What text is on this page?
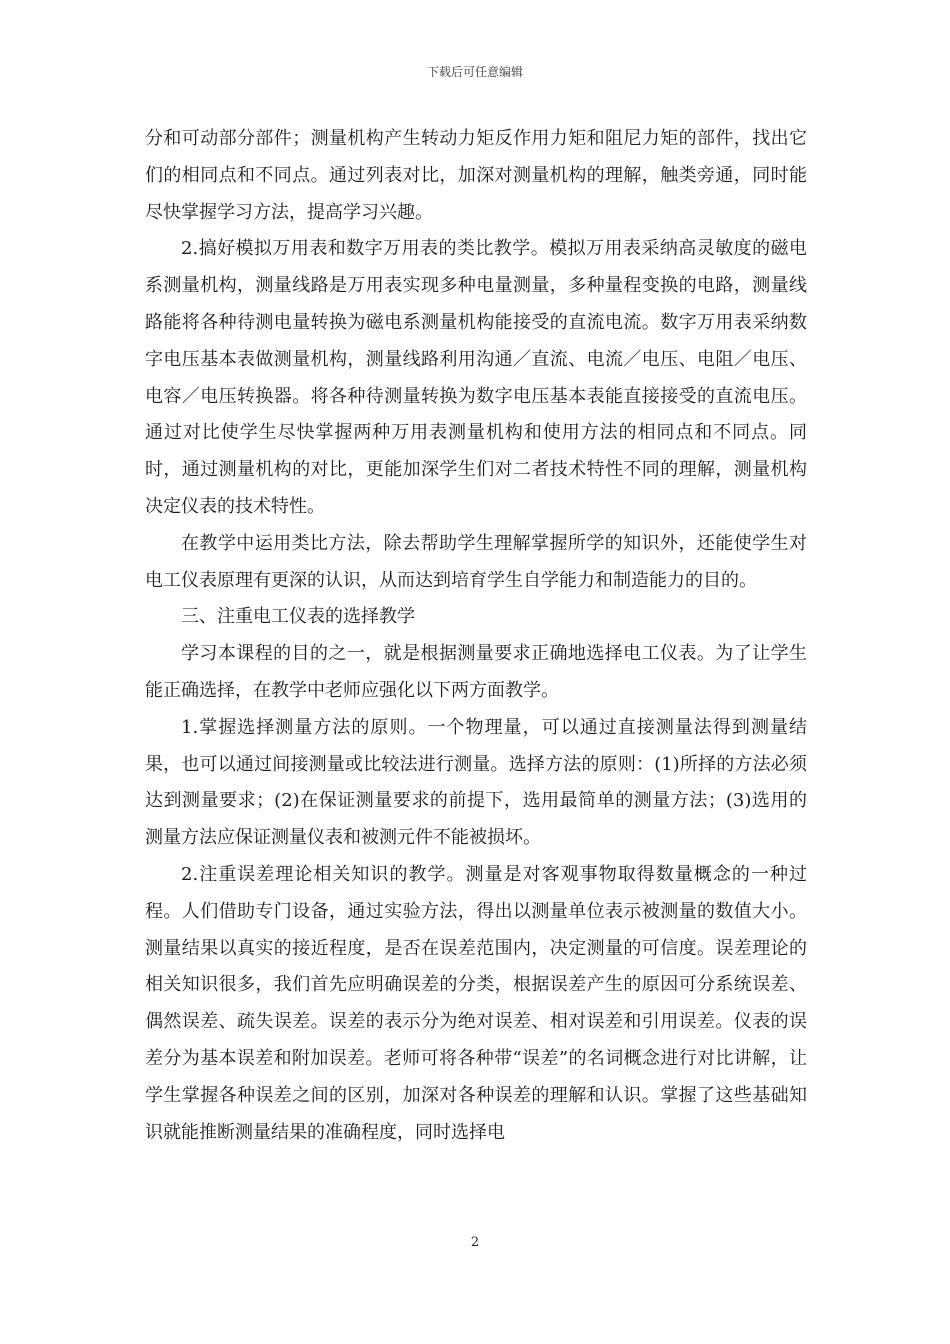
下载后可任意编辑

分和可动部分部件；测量机构产生转动力矩反作用力矩和阻尼力矩的部件，找出它们的相同点和不同点。通过列表对比，加深对测量机构的理解，触类旁通，同时能尽快掌握学习方法，提高学习兴趣。

2.搞好模拟万用表和数字万用表的类比教学。模拟万用表采纳高灵敏度的磁电系测量机构，测量线路是万用表实现多种电量测量，多种量程变换的电路，测量线路能将各种待测电量转换为磁电系测量机构能接受的直流电流。数字万用表采纳数字电压基本表做测量机构，测量线路利用沟通／直流、电流／电压、电阻／电压、电容／电压转换器。将各种待测量转换为数字电压基本表能直接接受的直流电压。通过对比使学生尽快掌握两种万用表测量机构和使用方法的相同点和不同点。同时，通过测量机构的对比，更能加深学生们对二者技术特性不同的理解，测量机构决定仪表的技术特性。

在教学中运用类比方法，除去帮助学生理解掌握所学的知识外，还能使学生对电工仪表原理有更深的认识，从而达到培育学生自学能力和制造能力的目的。

三、注重电工仪表的选择教学

学习本课程的目的之一，就是根据测量要求正确地选择电工仪表。为了让学生能正确选择，在教学中老师应强化以下两方面教学。

1.掌握选择测量方法的原则。一个物理量，可以通过直接测量法得到测量结果，也可以通过间接测量或比较法进行测量。选择方法的原则：(1)所择的方法必须达到测量要求；(2)在保证测量要求的前提下，选用最简单的测量方法；(3)选用的测量方法应保证测量仪表和被测元件不能被损坏。

2.注重误差理论相关知识的教学。测量是对客观事物取得数量概念的一种过程。人们借助专门设备，通过实验方法，得出以测量单位表示被测量的数值大小。测量结果以真实的接近程度，是否在误差范围内，决定测量的可信度。误差理论的相关知识很多，我们首先应明确误差的分类，根据误差产生的原因可分系统误差、偶然误差、疏失误差。误差的表示分为绝对误差、相对误差和引用误差。仪表的误差分为基本误差和附加误差。老师可将各种带“误差”的名词概念进行对比讲解，让学生掌握各种误差之间的区别，加深对各种误差的理解和认识。掌握了这些基础知识就能推断测量结果的准确程度，同时选择电

2
